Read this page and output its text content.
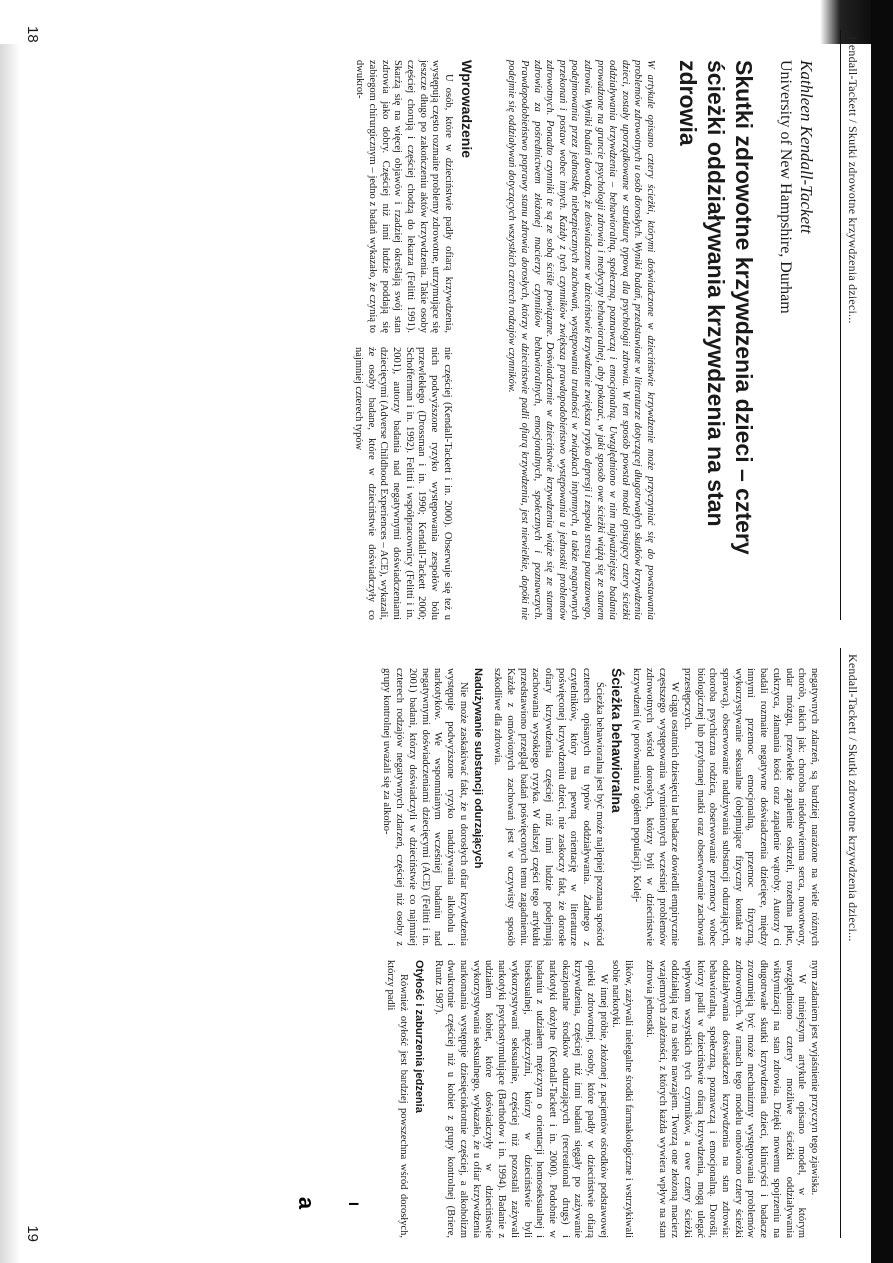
Kendall-Tackett / Skutki zdrowotne krzywdzenia dzieci...
Kathleen Kendall-Tackett
University of New Hampshire, Durham
Skutki zdrowotne krzywdzenia dzieci – cztery ścieżki oddziaływania krzywdzenia na stan zdrowia
W artykule opisano cztery ścieżki, którymi doświadczone w dzieciństwie krzywdzenie może przyczyniać się do powstawania problemów zdrowotnych u osób dorosłych. Wyniki badań, przedstawiane w literaturze dotyczącej długotrwałych skutków krzywdzenia dzieci, zostały uporządkowane w strukturę typową dla psychologii zdrowia. W ten sposób powstał model opisujący cztery ścieżki oddziaływania krzywdzenia – behawioralną, społeczną, poznawczą i emocjonalną. Uwzględniono w nim najważniejsze badania prowadzone na gruncie psychologii zdrowia i medycyny behawioralnej, aby pokazać, w jaki sposób owe ścieżki wiążą się ze stanem zdrowia. Wyniki badań dowodzą, że doświadczone w dzieciństwie krzywdzenie zwiększa ryzyko depresji i zespołu stresu pourazowego, podejmowania przez jednostkę niebezpiecznych zachowań, występowania trudności w związkach intymnych, a także negatywnych przekonań i postaw wobec innych. Każdy z tych czynników zwiększa prawdopodobieństwo występowania u jednostki problemów zdrowotnych. Ponadto czynniki te są ze sobą ściśle powiązane. Doświadczenie w dzieciństwie krzywdzenia wiąże się ze stanem zdrowia za pośrednictwem złożonej macierzy czynników behawioralnych, emocjonalnych, społecznych i poznawczych. Prawdopodobieństwo poprawy stanu zdrowia dorosłych, którzy w dzieciństwie padli ofiarą krzywdzenia, jest niewielkie, dopóki nie podejmie się oddziaływań dotyczących wszystkich czterech rodzajów czynników.
Wprowadzenie

U osób, które w dzieciństwie padły ofiarą krzywdzenia, występują często rozmaite problemy zdrowotne, utrzymujące się jeszcze długo po zakończeniu aktów krzywdzenia. Takie osoby częściej chorują i częściej chodzą do lekarza (Felitti 1991). Skarżą się na więcej objawów i rzadziej określają swój stan zdrowia jako dobry. Częściej niż inni ludzie poddają się zabiegom chirurgicznym – jedno z badań wykazało, że czynią to dwukrot-

nie częściej (Kendall-Tackett i in. 2000). Obserwuje się też u nich podwyższone ryzyko występowania zespołów bólu przewlekłego (Drossman i in. 1990; Kendall-Tackett 2000; Schofferman i in. 1992). Felitti i współpracownicy (Felitti i in. 2001), autorzy badania nad negatywnymi doświadczeniami dziecięcymi (Adverse Childhood Experiences – ACE), wykazali, że osoby badane, które w dzieciństwie doświadczyły co najmniej czterech typów

18
Kendall-Tackett / Skutki zdrowotne krzywdzenia dzieci...

negatywnych zdarzeń, są bardziej narażone na wiele różnych chorób, takich jak: choroba niedokrwienna serca, nowotwory, udar mózgu, przewlekłe zapalenie oskrzeli, rozedma płuc, cukrzyca, złamania kości oraz zapalenie wątroby. Autorzy ci badali rozmaite negatywne doświadczenia dziecięce, między innymi przemoc emocjonalną, przemoc fizyczną, wykorzystywanie seksualne (obejmujące fizyczny kontakt ze sprawcą), obserwowanie nadużywania substancji odurzających, choroba psychiczna rodzica, obserwowanie przemocy wobec biologicznej lub przybranej matki oraz obserwowanie zachowań przestępczych.

W ciągu ostatnich dziesięciu lat badacze dowiedli empirycznie częstszego występowania wymienionych wcześniej problemów zdrowotnych wśród dorosłych, którzy byli w dzieciństwie krzywdzeni (w porównaniu z ogółem populacji). Kolej-

Ścieżka behawioralna

Ścieżka behawioralna jest być może najlepiej poznana spośród czterech opisanych tu typów oddziaływania. Żadnego z czytelników, który ma pewną orientację w literaturze poświęconej krzywdzeniu dzieci, nie zaskoczy fakt, że dorosłe ofiary krzywdzenia częściej niż inni ludzie podejmują zachowania wysokiego ryzyka. W dalszej części tego artykułu przedstawiono przegląd badań poświęconych temu zagadnieniu. Każde z omówionych zachowań jest w oczywisty sposób szkodliwe dla zdrowia.

Nadużywanie substancji odurzających

Nie może zaskakiwać fakt, że u dorosłych ofiar krzywdzenia występuje podwyższone ryzyko nadużywania alkoholu i narkotyków. We wspomnianym wcześniej badaniu nad negatywnymi doświadczeniami dziecięcymi (ACE) (Felitti i in. 2001) badani, którzy doświadczyli w dzieciństwie co najmniej czterech rodzajów negatywnych zdarzeń, częściej niż osoby z grupy kontrolnej uważali się za alkoho-

nym zadaniem jest wyjaśnienie przyczyn tego zjawiska.

W niniejszym artykule opisano model, w którym uwzględniono cztery możliwe ścieżki oddziaływania wiktymizacji na stan zdrowia. Dzięki nowemu spojrzeniu na długotrwałe skutki krzywdzenia dzieci, klinicyści i badacze zrozumieją być może mechanizmy występowania problemów zdrowotnych. W ramach tego modelu omówiono cztery ścieżki oddziaływania doświadczeń krzywdzenia na stan zdrowia: behawioralną, społeczną, poznawczą i emocjonalną. Dorośli, którzy padli w dzieciństwie ofiarą krzywdzenia, mogą ulegać wpływom wszystkich tych czynników, a owe cztery ścieżki oddziałują też na siebie nawzajem. Tworzą one złożoną macierz wzajemnych zależności, z których każda wywiera wpływ na stan zdrowia jednostki.

lików, zażywali nielegalne środki farmakologiczne i wstrzykiwali sobie narkotyki.

W innej próbie, złożonej z pacjentów ośrodków podstawowej opieki zdrowotnej, osoby, które padły w dzieciństwie ofiarą krzywdzenia, częściej niż inni badani sięgały po zażywanie okazjonalne środków odurzających (recreational drugs) i narkotyki dożylne (Kendall-Tackett i in. 2000). Podobnie w badaniu z udziałem mężczyzn o orientacji homoseksualnej i biseksualnej, mężczyźni, którzy w dzieciństwie byli wykorzystywani seksualnie, częściej niż pozostali zażywali narkotyki psychostymulujące (Bartholow i in. 1994). Badanie z udziałem kobiet, które doświadczyły w dzieciństwie wykorzystywania seksualnego, wykazało, że u ofiar krzywdzenia narkomania występuje dziesięciokrotnie częściej, a alkoholizm dwukrotnie częściej niż u kobiet z grupy kontrolnej (Briere, Runtz 1987).

Otyłość i zaburzenia jedzenia

Również otyłość jest bardziej powszechna wśród dorosłych, którzy padli

19
a I
